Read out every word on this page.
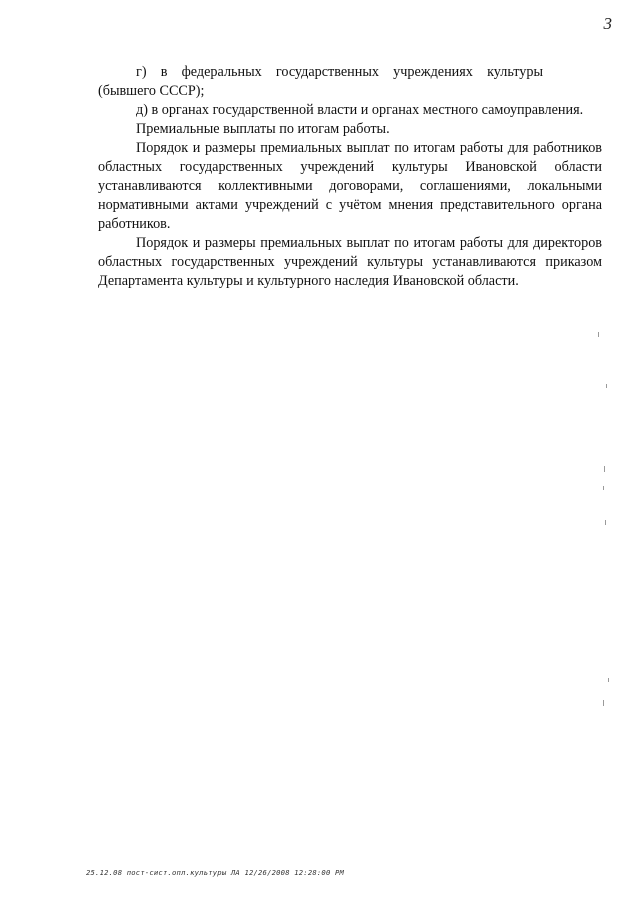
3

г) в федеральных государственных учреждениях культуры

(бывшего СССР);

д) в органах государственной власти и органах местного самоуправления.

Премиальные выплаты по итогам работы.

Порядок и размеры премиальных выплат по итогам работы для работников областных государственных учреждений культуры Ивановской области устанавливаются коллективными договорами, соглашениями, локальными нормативными актами учреждений с учётом мнения представительного органа работников.

Порядок и размеры премиальных выплат по итогам работы для директоров областных государственных учреждений культуры устанавливаются приказом Департамента культуры и культурного наследия Ивановской области.

25.12.08 пост-сист.опл.культуры ЛА 12/26/2008 12:28:00 PM
